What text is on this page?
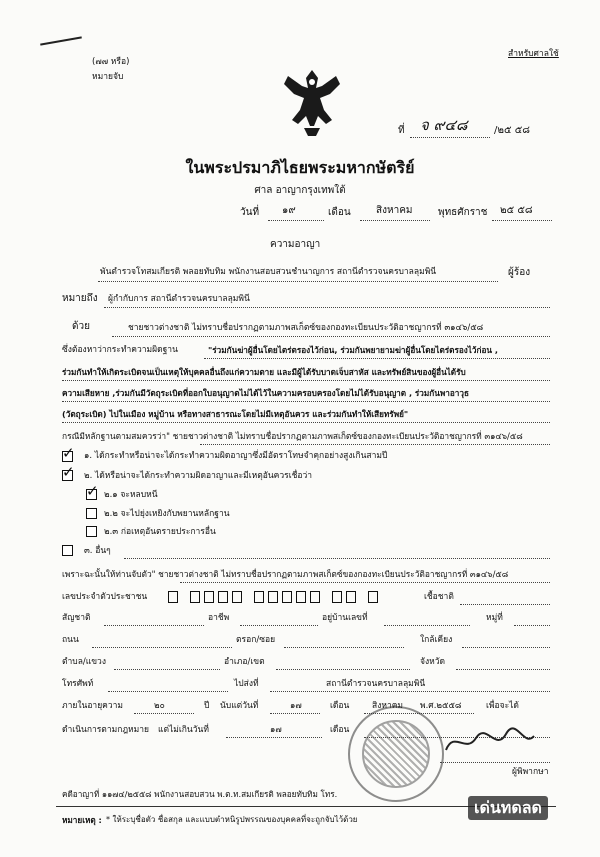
(๗๗ หรือ)
หมายจับ
สำหรับศาลใช้
ที่ จ ๙๔๘	/๒๕ ๕๘
ในพระปรมาภิไธยพระมหากษัตริย์
ศาล อาญากรุงเทพใต้
วันที่ ๑๙	เดือน	สิงหาคม	พุทธศักราช ๒๕ ๕๘
ความอาญา
พันตำรวจโทสมเกียรติ พลอยทับทิม พนักงานสอบสวนชำนาญการ สถานีตำรวจนครบาลลุมพินี	ผู้ร้อง
หมายถึง ผู้กำกับการ สถานีตำรวจนครบาลลุมพินี
ด้วย	ชายชาวต่างชาติ ไม่ทราบชื่อปรากฏตามภาพสเก็ตซ์ของกองทะเบียนประวัติอาชญากรที่ ๓๑๔๖/๕๘
ซึ่งต้องหาว่ากระทำความผิดฐาน	"ร่วมกันฆ่าผู้อื่นโดยไตร่ตรองไว้ก่อน, ร่วมกันพยายามฆ่าผู้อื่นโดยไตร่ตรองไว้ก่อน ,
ร่วมกันทำให้เกิดระเบิดจนเป็นเหตุให้บุคคลอื่นถึงแก่ความตาย และมีผู้ได้รับบาดเจ็บสาหัส และทรัพย์สินของผู้อื่นได้รับ
ความเสียหาย ,ร่วมกันมีวัตถุระเบิดที่ออกใบอนุญาตไม่ได้ไว้ในความครอบครองโดยไม่ได้รับอนุญาต , ร่วมกันพาอาวุธ
(วัตถุระเบิด) ไปในเมือง หมู่บ้าน หรือทางสาธารณะโดยไม่มีเหตุอันควร และร่วมกันทำให้เสียทรัพย์"
กรณีมีหลักฐานตามสมควรว่า" ชายชาวต่างชาติ ไม่ทราบชื่อปรากฏตามภาพสเก็ตซ์ของกองทะเบียนประวัติอาชญากรที่ ๓๑๔๖/๕๘
✓ ๑. ได้กระทำหรือน่าจะได้กระทำความผิดอาญาซึ่งมีอัตราโทษจำคุกอย่างสูงเกินสามปี
✓ ๒. ได้หรือน่าจะได้กระทำความผิดอาญาและมีเหตุอันควรเชื่อว่า
✓ ๒.๑ จะหลบหนี
๒.๒ จะไปยุ่งเหยิงกับพยานหลักฐาน
๒.๓ ก่อเหตุอันตรายประการอื่น
๓. อื่นๆ
เพราะฉะนั้นให้ท่านจับตัว" ชายชาวต่างชาติ ไม่ทราบชื่อปรากฏตามภาพสเก็ตซ์ของกองทะเบียนประวัติอาชญากรที่ ๓๑๔๖/๕๘
เลขประจำตัวประชาชน	เชื้อชาติ
สัญชาติ	อาชีพ	อยู่บ้านเลขที่	หมู่ที่
ถนน	ตรอก/ซอย	ใกล้เคียง
ตำบล/แขวง	อำเภอ/เขต	จังหวัด
โทรศัพท์	ไปส่งที่	สถานีตำรวจนครบาลลุมพินี
ภายในอายุความ	๒๐	ปี นับแต่วันที่	๑๗	เดือน	สิงหาคม พ.ศ.๒๕๕๘	เพื่อจะได้
ดำเนินการตามกฎหมาย แต่ไม่เกินวันที่	๑๗	เดือน
ผู้พิพากษา
คดีอาญาที่ ๑๑๗๔/๒๕๕๘ พนักงานสอบสวน พ.ต.ท.สมเกียรติ พลอยทับทิม โทร.
หมายเหตุ : * ให้ระบุชื่อตัว ชื่อสกุล และแบบตำหนิรูปพรรณของบุคคลที่จะถูกจับไว้ด้วย
เด่นทดลด
